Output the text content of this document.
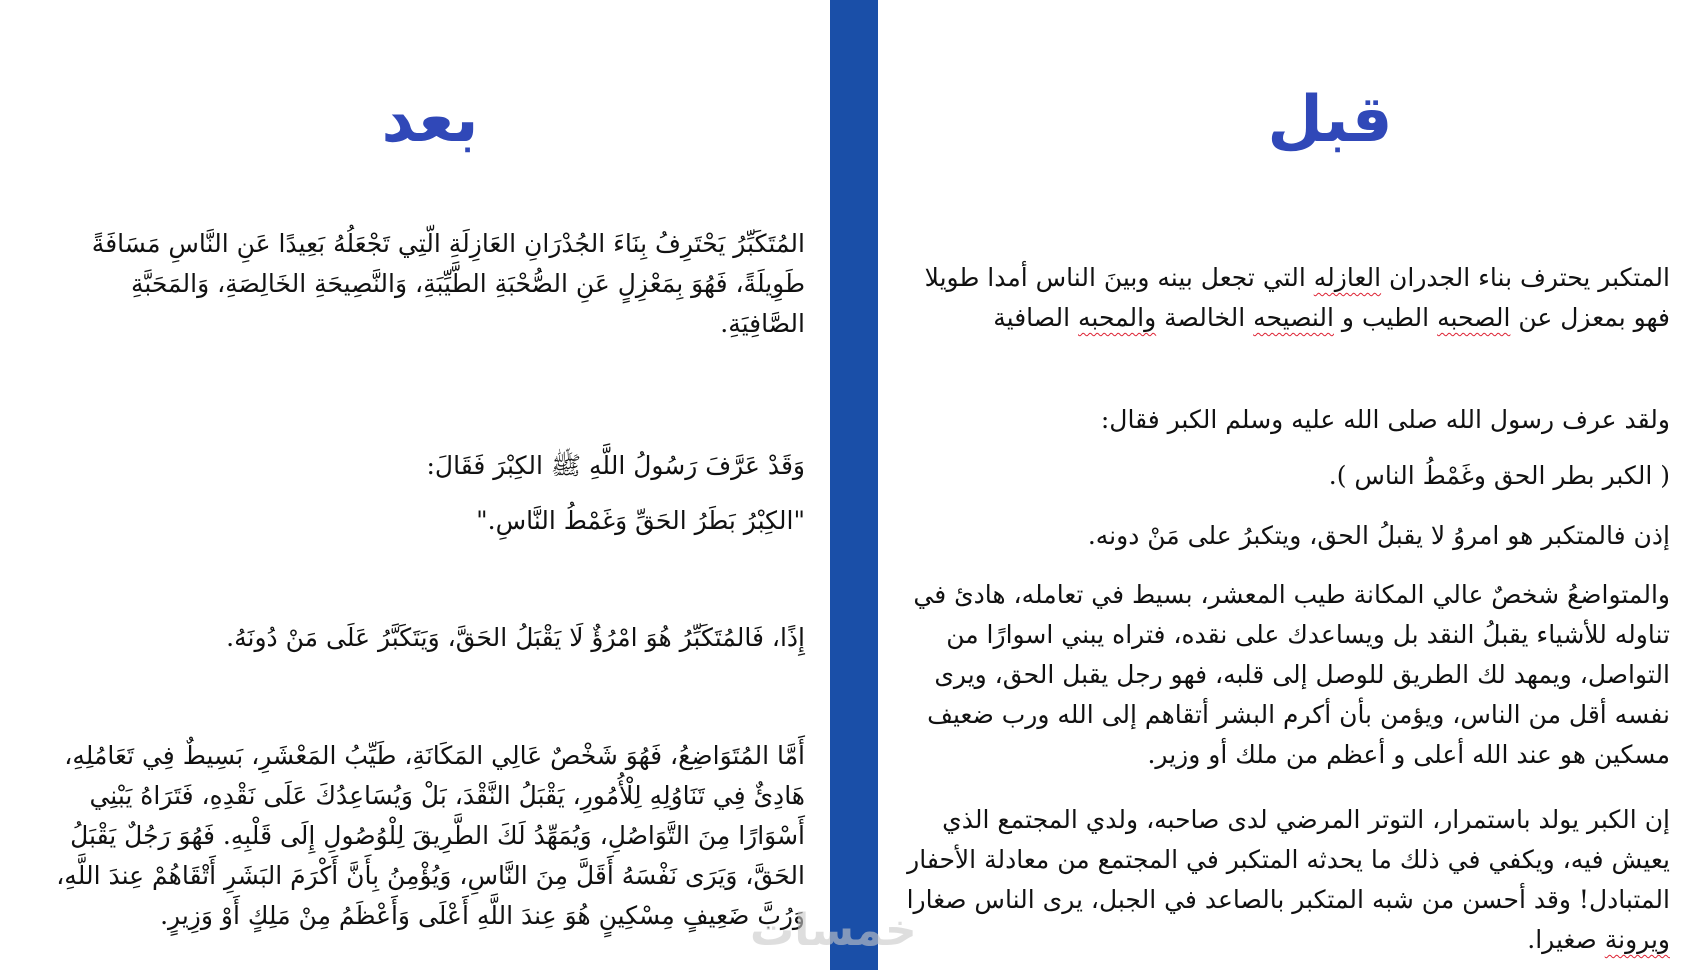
بعد

المُتَكَبِّرُ يَحْتَرِفُ بِنَاءَ الجُدْرَانِ العَازِلَةِ الّتِي تَجْعَلُهُ بَعِيدًا عَنِ النَّاسِ مَسَافَةً طَوِيلَةً، فَهُوَ بِمَعْزِلٍ عَنِ الصُّحْبَةِ الطَّيِّبَةِ، وَالنَّصِيحَةِ الخَالِصَةِ، وَالمَحَبَّةِ الصَّافِيَةِ.

وَقَدْ عَرَّفَ رَسُولُ اللَّهِ ﷺ الكِبْرَ فَقَالَ:

"الكِبْرُ بَطَرُ الحَقِّ وَغَمْطُ النَّاسِ."

إِذًا، فَالمُتَكَبِّرُ هُوَ امْرُؤٌ لَا يَقْبَلُ الحَقَّ، وَيَتَكَبَّرُ عَلَى مَنْ دُونَهُ.

أَمَّا المُتَوَاضِعُ، فَهُوَ شَخْصٌ عَالِي المَكَانَةِ، طَيِّبُ المَعْشَرِ، بَسِيطٌ فِي تَعَامُلِهِ، هَادِئٌ فِي تَنَاوُلِهِ لِلْأُمُورِ، يَقْبَلُ النَّقْدَ، بَلْ وَيُسَاعِدُكَ عَلَى نَقْدِهِ، فَتَرَاهُ يَبْنِي أَسْوَارًا مِنَ التَّوَاصُلِ، وَيُمَهِّدُ لَكَ الطَّرِيقَ لِلْوُصُولِ إِلَى قَلْبِهِ. فَهُوَ رَجُلٌ يَقْبَلُ الحَقَّ، وَيَرَى نَفْسَهُ أَقَلَّ مِنَ النَّاسِ، وَيُؤْمِنُ بِأَنَّ أَكْرَمَ البَشَرِ أَتْقَاهُمْ عِندَ اللَّهِ، وَرُبَّ ضَعِيفٍ مِسْكِينٍ هُوَ عِندَ اللَّهِ أَعْلَى وَأَعْظَمُ مِنْ مَلِكٍ أَوْ وَزِيرٍ.

قبل

المتكبر يحترف بناء الجدران العازله التي تجعل بينه وبينَ الناس أمدا طويلا فهو بمعزل عن الصحبه الطيب و النصيحه الخالصة والمحبه الصافية

ولقد عرف رسول الله صلى الله عليه وسلم الكبر فقال:

( الكبر بطر الحق وغَمْطُ الناس ).

إذن فالمتكبر هو امروُ لا يقبلُ الحق، ويتكبرُ على مَنْ دونه.

والمتواضعُ شخصٌ عالي المكانة طيب المعشر، بسيط في تعامله، هادئ في تناوله للأشياء يقبلُ النقد بل ويساعدك على نقده، فتراه يبني اسوارًا من التواصل، ويمهد لك الطريق للوصل إلى قلبه، فهو رجل يقبل الحق، ويرى نفسه أقل من الناس، ويؤمن بأن أكرم البشر أتقاهم إلى الله ورب ضعيف مسكين هو عند الله أعلى و أعظم من ملك أو وزير.

إن الكبر يولد باستمرار، التوتر المرضي لدى صاحبه، ولدي المجتمع الذي يعيش فيه، ويكفي في ذلك ما يحدثه المتكبر في المجتمع من معادلة الأحفار المتبادل! وقد أحسن من شبه المتكبر بالصاعد في الجبل، يرى الناس صغارا ويرونة صغيرا.

خمسات
